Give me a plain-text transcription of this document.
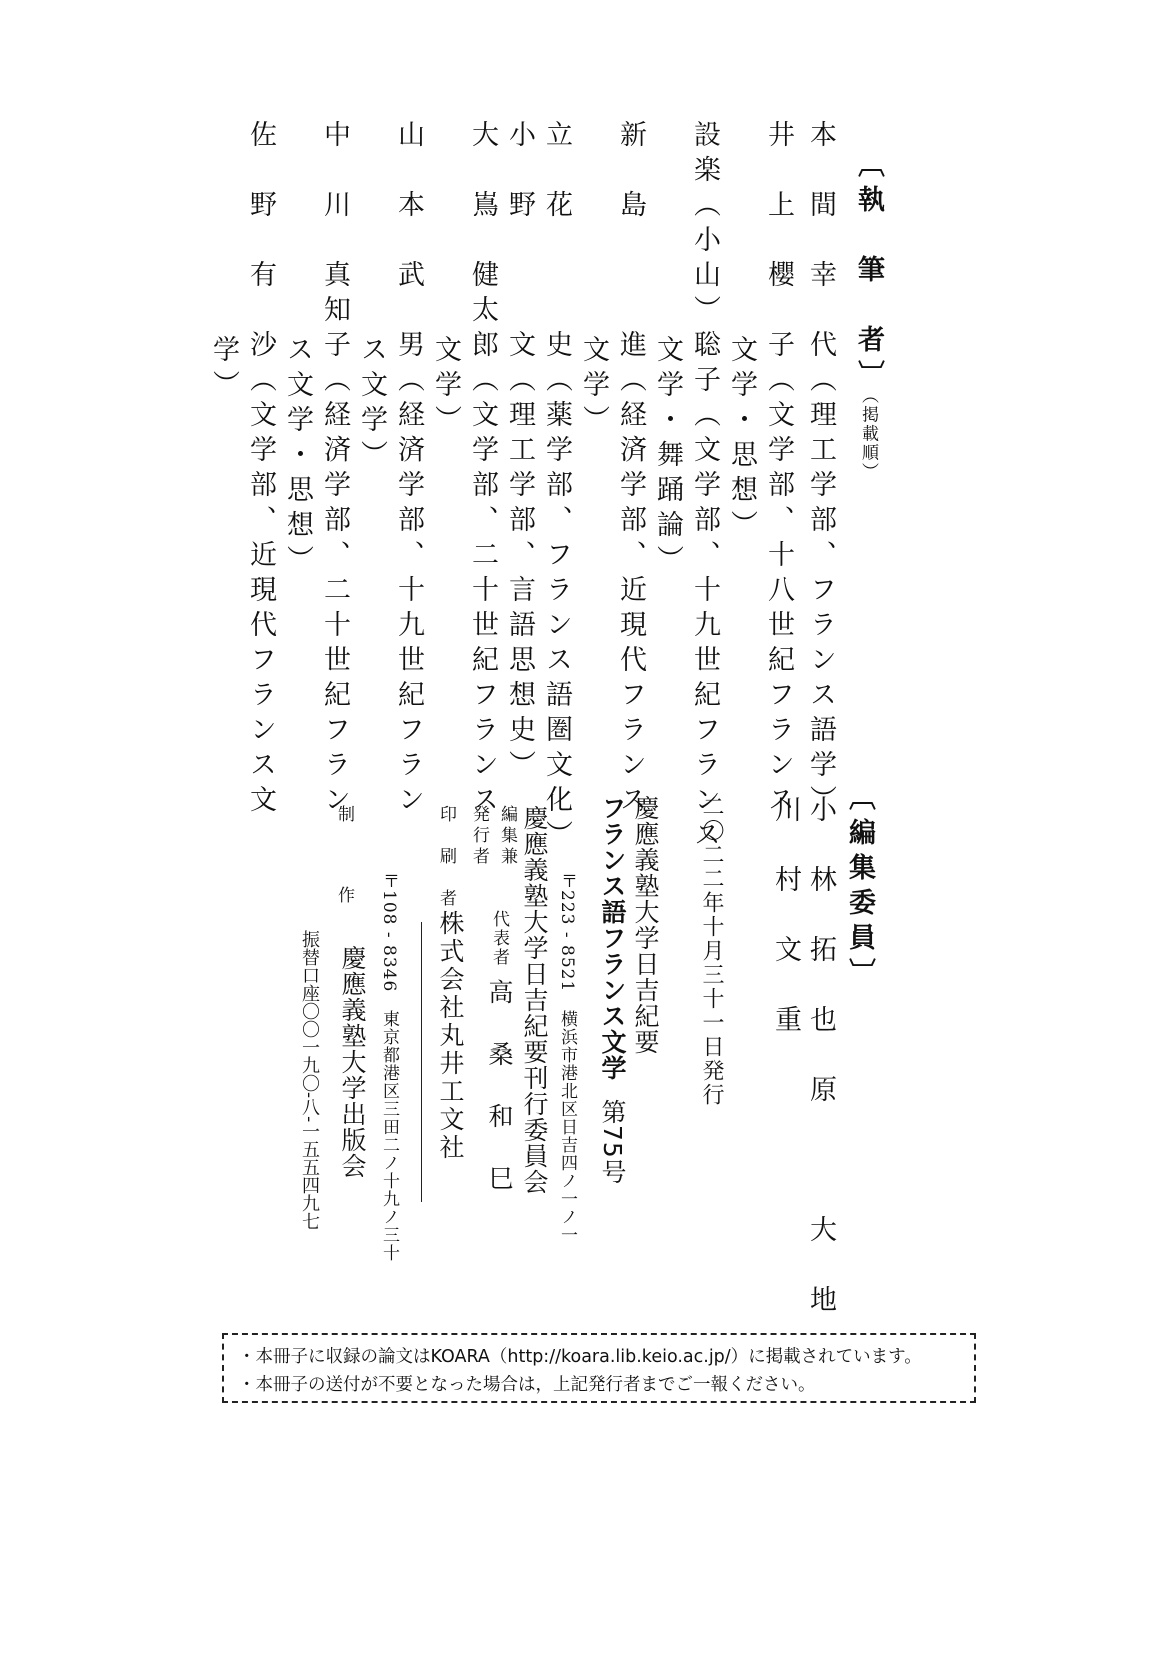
〔執　筆　者〕（掲載順）
本　間　幸　代（理工学部、フランス語学）
井　上　櫻　子（文学部、十八世紀フランス
文学・思想）
設楽（小山）聡子（文学部、十九世紀フランス
文学・舞踊論）
新　島　　　進（経済学部、近現代フランス
文学）
立　花　　　史（薬学部、フランス語圏文化）
小　野　　　文（理工学部、言語思想史）
大　嶌　健太郎（文学部、二十世紀フランス
文学）
山　本　武　男（経済学部、十九世紀フラン
ス文学）
中　川　真知子（経済学部、二十世紀フラン
ス文学・思想）
佐　野　有　沙（文学部、近現代フランス文
学）
〔編集委員〕
小　林　拓　也　原　　　大　地
川　村　文　重
二〇二二年十月三十一日発行
慶應義塾大学日吉紀要
フランス語フランス文学第75号
〒223 ‐ 8521　横浜市港北区日吉四ノ一ノ一
慶應義塾大学日吉紀要刊行委員会
編集兼発行者
代表者高　桑　和　巳
印　刷　者
株式会社丸井工文社
〒108 ‐ 8346　東京都港区三田二ノ十九ノ三十
制　　作
慶應義塾大学出版会
振替口座〇〇一九〇‐八‐一五五四九七
・本冊子に収録の論文はKOARA（http://koara.lib.keio.ac.jp/）に掲載されています。
・本冊子の送付が不要となった場合は，上記発行者までご一報ください。
